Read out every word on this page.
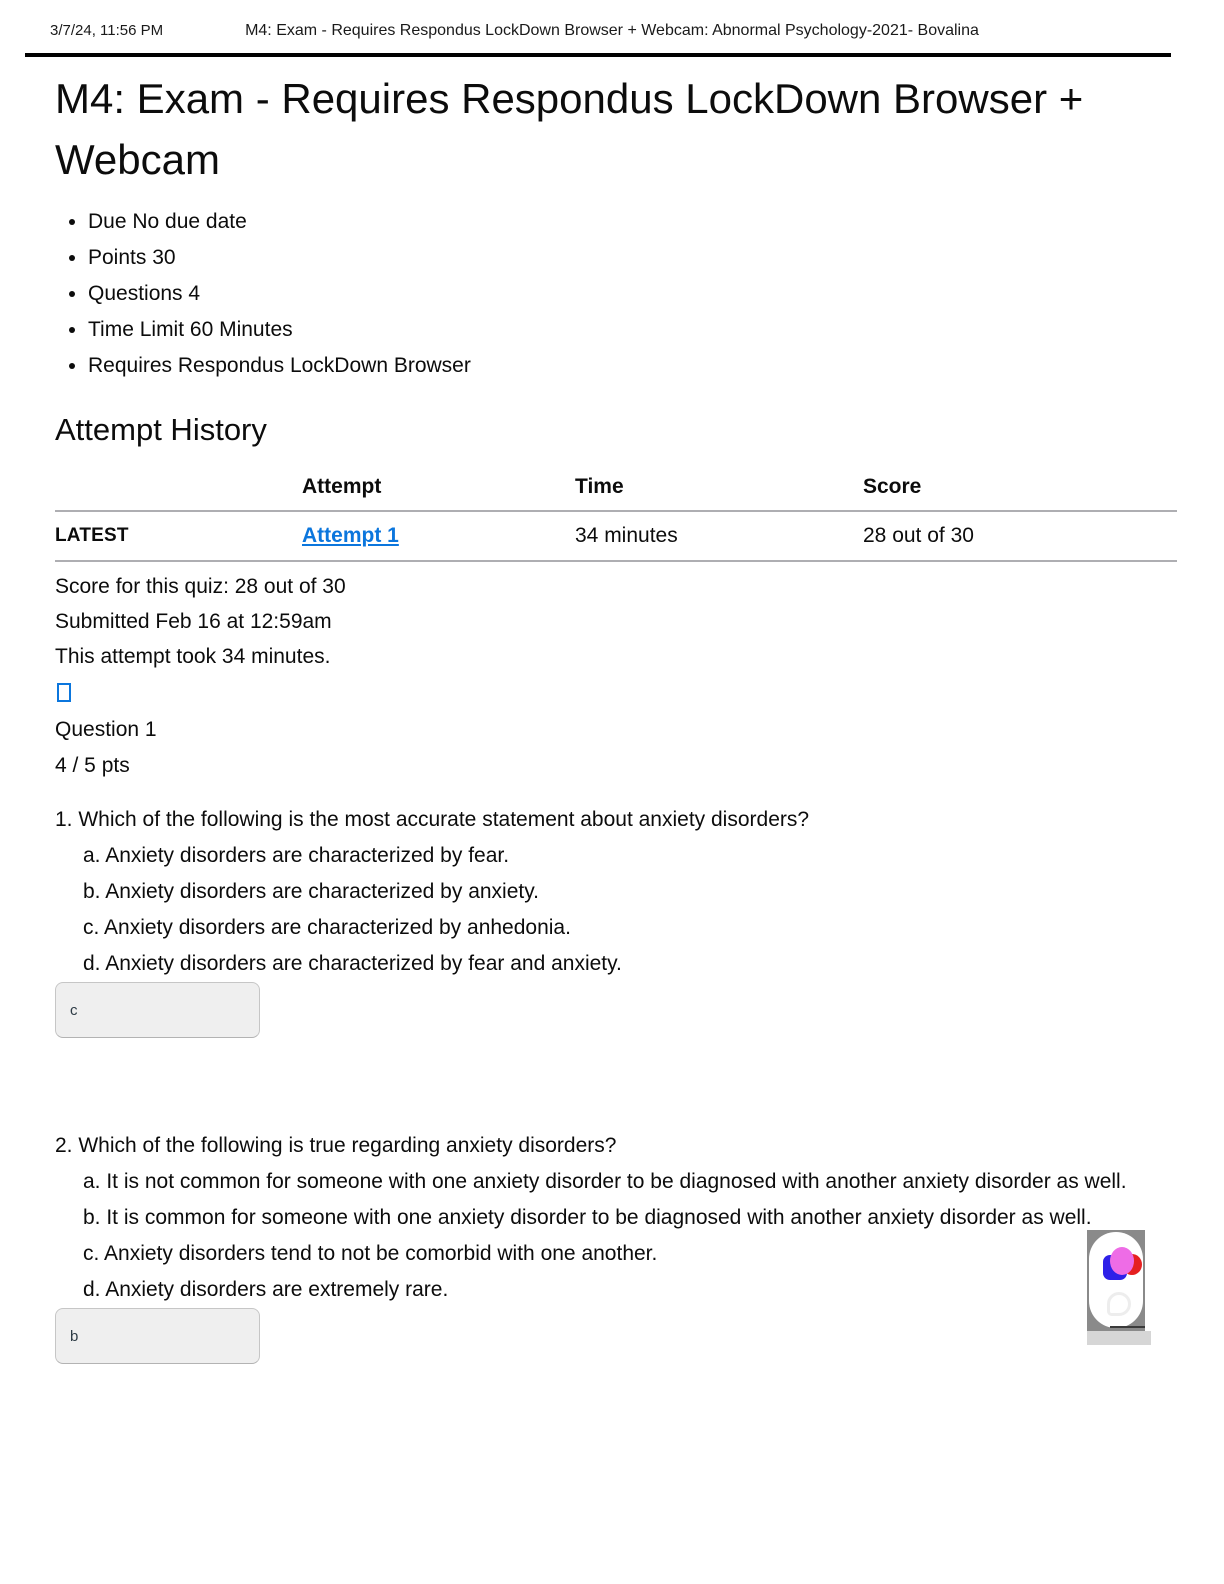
3/7/24, 11:56 PM	M4: Exam - Requires Respondus LockDown Browser + Webcam: Abnormal Psychology-2021- Bovalina
M4: Exam - Requires Respondus LockDown Browser + Webcam
• Due No due date
• Points 30
• Questions 4
• Time Limit 60 Minutes
• Requires Respondus LockDown Browser
Attempt History
	Attempt	Time	Score
LATEST	Attempt 1	34 minutes	28 out of 30

Score for this quiz: 28 out of 30

Submitted Feb 16 at 12:59am

This attempt took 34 minutes.

Question 1

4 / 5 pts

1. Which of the following is the most accurate statement about anxiety disorders?

a. Anxiety disorders are characterized by fear.

b. Anxiety disorders are characterized by anxiety.

c. Anxiety disorders are characterized by anhedonia.

d. Anxiety disorders are characterized by fear and anxiety.

c

2. Which of the following is true regarding anxiety disorders?

a. It is not common for someone with one anxiety disorder to be diagnosed with another anxiety disorder as well.

b. It is common for someone with one anxiety disorder to be diagnosed with another anxiety disorder as well.

c. Anxiety disorders tend to not be comorbid with one another.

d. Anxiety disorders are extremely rare.

b
